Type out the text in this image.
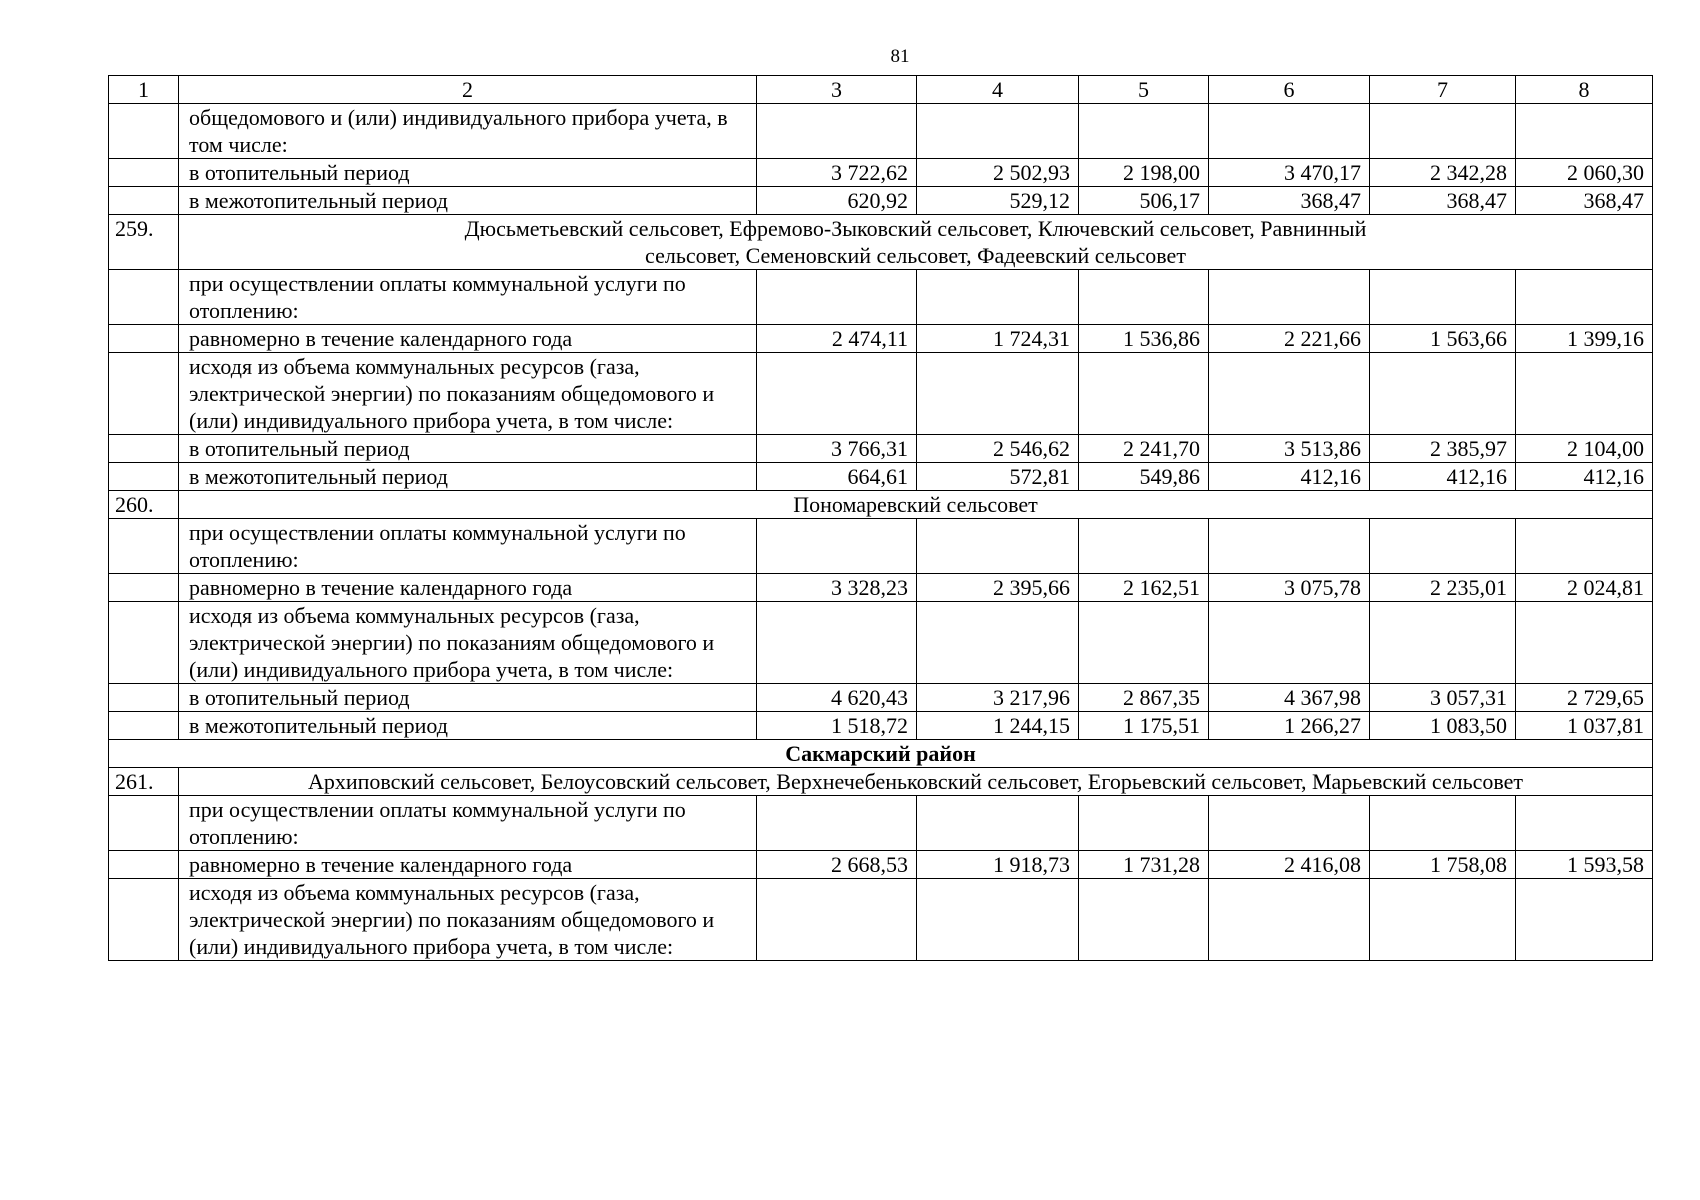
81
1	2	3	4	5	6	7	8
	общедомового и (или) индивидуального прибора учета, в том числе:						
	в отопительный период	3 722,62	2 502,93	2 198,00	3 470,17	2 342,28	2 060,30
	в межотопительный период	620,92	529,12	506,17	368,47	368,47	368,47
259.	Дюсьметьевский сельсовет, Ефремово-Зыковский сельсовет, Ключевский сельсовет, Равнинный сельсовет, Семеновский сельсовет, Фадеевский сельсовет						
	при осуществлении оплаты коммунальной услуги по отоплению:						
	равномерно в течение календарного года	2 474,11	1 724,31	1 536,86	2 221,66	1 563,66	1 399,16
	исходя из объема коммунальных ресурсов (газа, электрической энергии) по показаниям общедомового и (или) индивидуального прибора учета, в том числе:						
	в отопительный период	3 766,31	2 546,62	2 241,70	3 513,86	2 385,97	2 104,00
	в межотопительный период	664,61	572,81	549,86	412,16	412,16	412,16
260.	Пономаревский сельсовет						
	при осуществлении оплаты коммунальной услуги по отоплению:						
	равномерно в течение календарного года	3 328,23	2 395,66	2 162,51	3 075,78	2 235,01	2 024,81
	исходя из объема коммунальных ресурсов (газа, электрической энергии) по показаниям общедомового и (или) индивидуального прибора учета, в том числе:						
	в отопительный период	4 620,43	3 217,96	2 867,35	4 367,98	3 057,31	2 729,65
	в межотопительный период	1 518,72	1 244,15	1 175,51	1 266,27	1 083,50	1 037,81
Сакмарский район							
261.	Архиповский сельсовет, Белоусовский сельсовет, Верхнечебеньковский сельсовет, Егорьевский сельсовет, Марьевский сельсовет						
	при осуществлении оплаты коммунальной услуги по отоплению:						
	равномерно в течение календарного года	2 668,53	1 918,73	1 731,28	2 416,08	1 758,08	1 593,58
	исходя из объема коммунальных ресурсов (газа, электрической энергии) по показаниям общедомового и (или) индивидуального прибора учета, в том числе:						
